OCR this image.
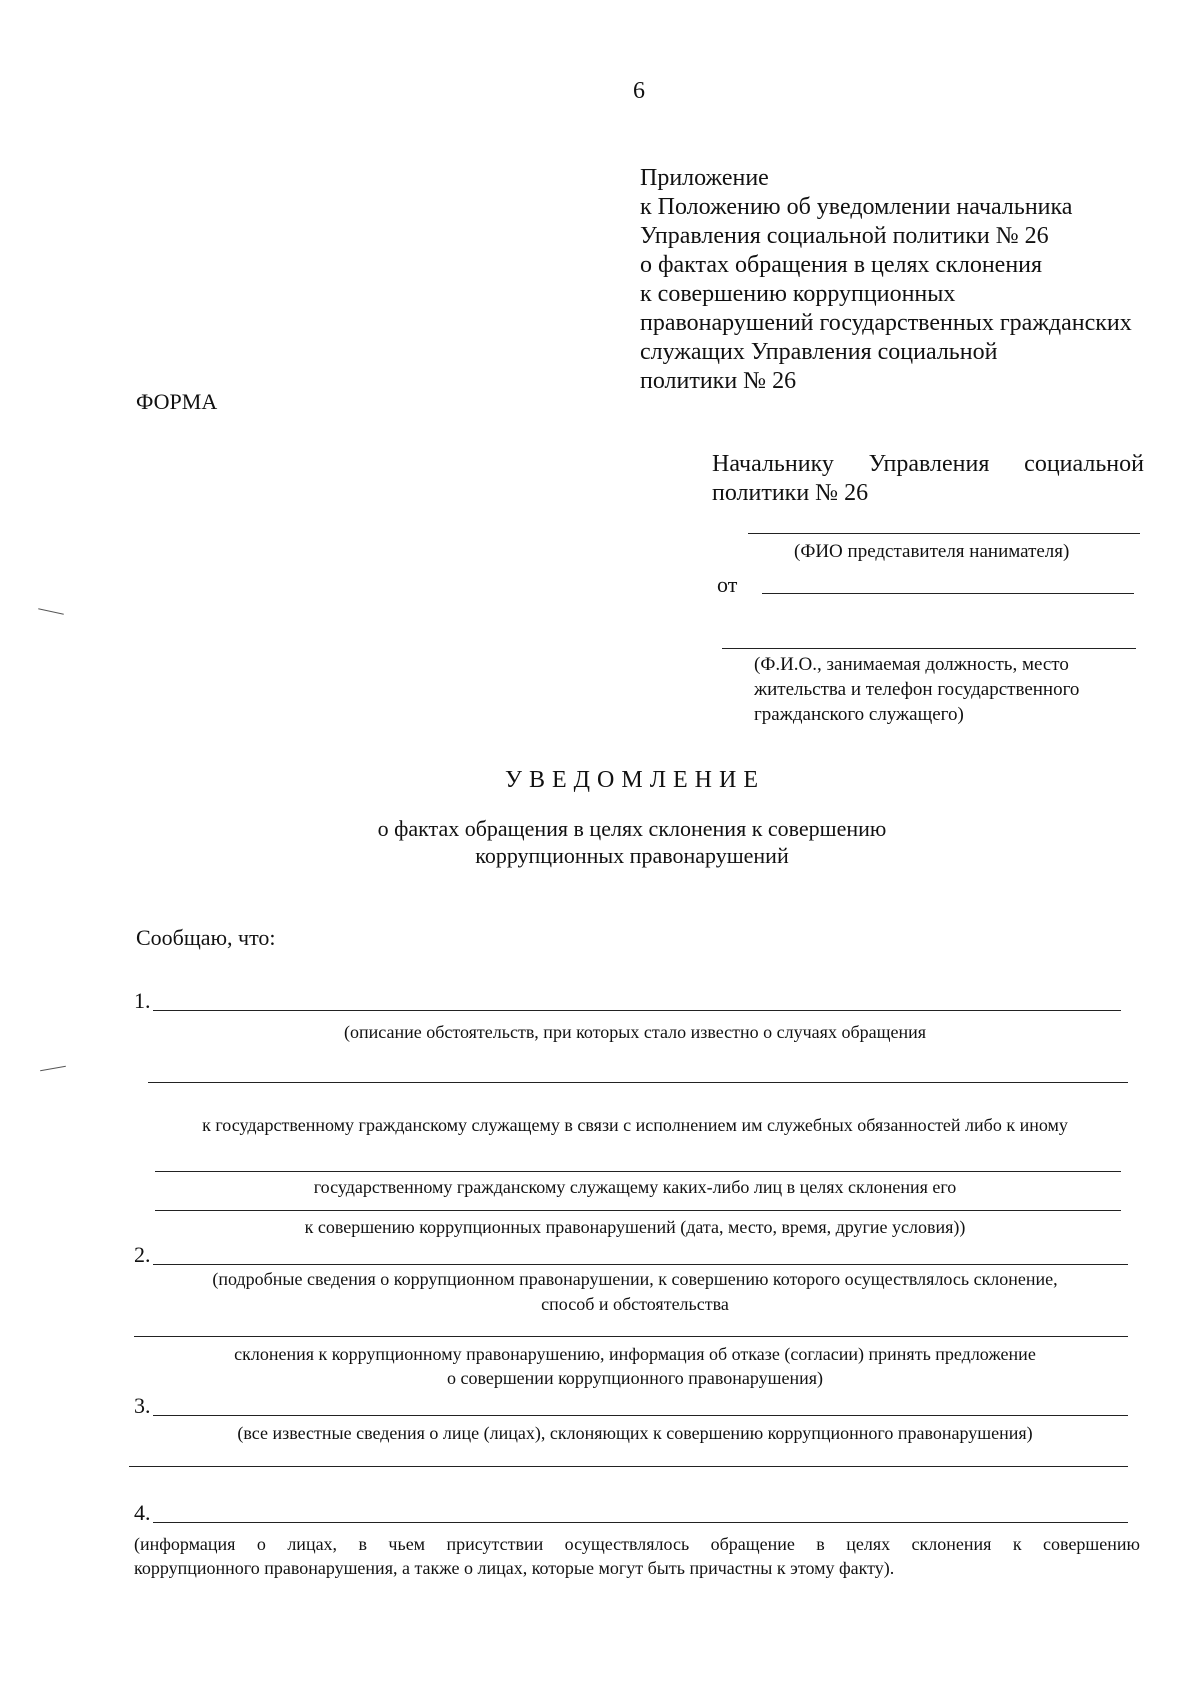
6
Приложение
к Положению об уведомлении начальника
Управления социальной политики № 26
о фактах обращения в целях склонения
к совершению коррупционных
правонарушений государственных гражданских
служащих Управления социальной
политики № 26
ФОРМА
Начальнику Управления социальной
политики № 26
(ФИО представителя нанимателя)
от
(Ф.И.О., занимаемая должность, место
жительства и телефон государственного
гражданского служащего)
УВЕДОМЛЕНИЕ
о фактах обращения в целях склонения к совершению
коррупционных правонарушений
Сообщаю, что:
1.
(описание обстоятельств, при которых стало известно о случаях обращения
к государственному гражданскому служащему в связи с исполнением им служебных обязанностей либо к иному
государственному гражданскому служащему каких-либо лиц в целях склонения его
к совершению коррупционных правонарушений (дата, место, время, другие условия))
2.
(подробные сведения о коррупционном правонарушении, к совершению которого осуществлялось склонение,
способ и обстоятельства
склонения к коррупционному правонарушению, информация об отказе (согласии) принять предложение
о совершении коррупционного правонарушения)
3.
(все известные сведения о лице (лицах), склоняющих к совершению коррупционного правонарушения)
4.
(информация о лицах, в чьем присутствии осуществлялось обращение в целях склонения к совершению
коррупционного правонарушения, а также о лицах, которые могут быть причастны к этому факту).
